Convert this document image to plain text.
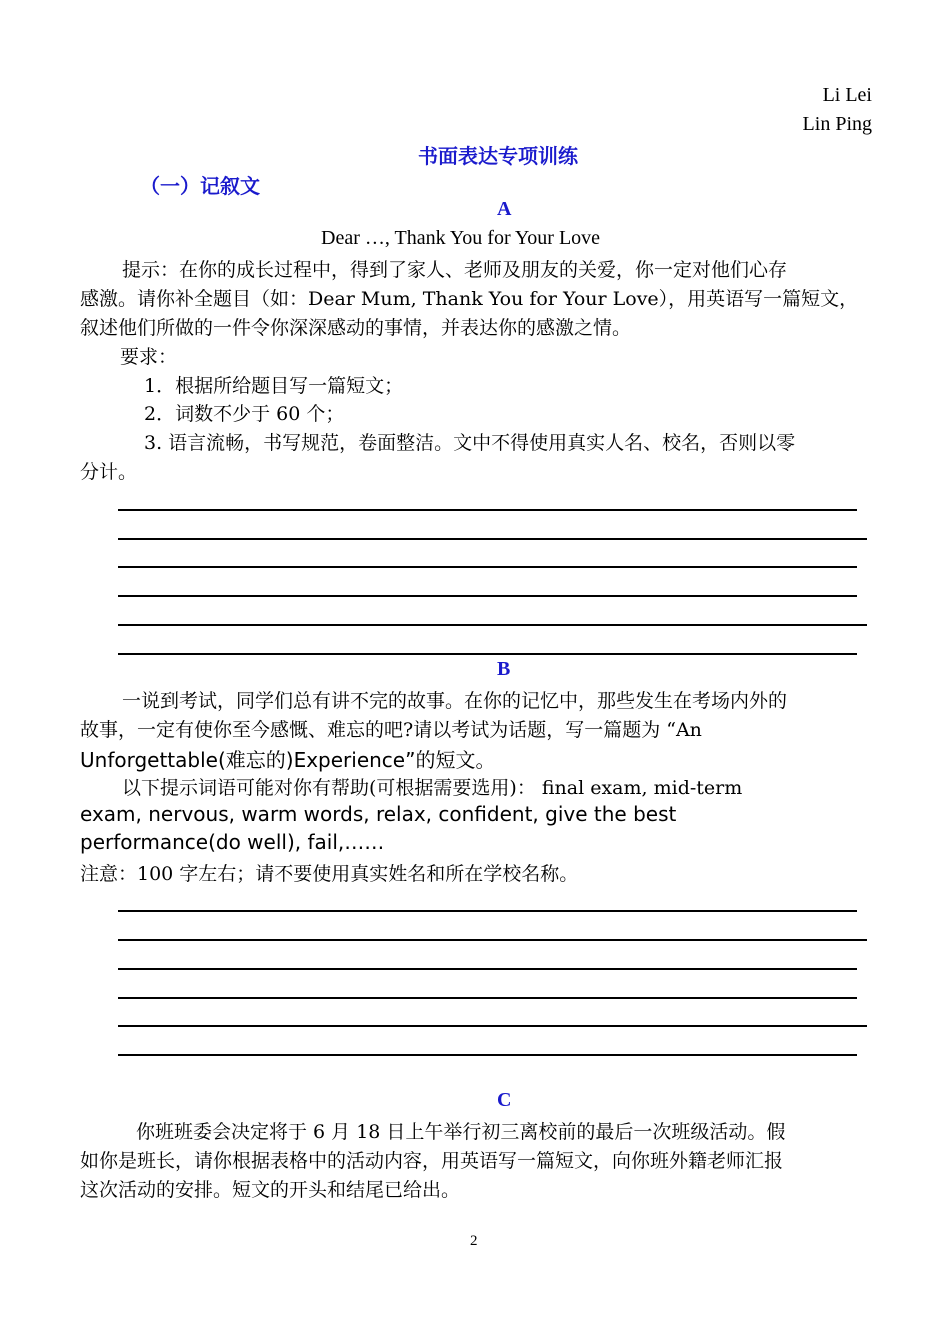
Li Lei
Lin Ping
书面表达专项训练
（一）记叙文
A
Dear …, Thank You for Your Love
提示：在你的成长过程中，得到了家人、老师及朋友的关爱，你一定对他们心存
感激。请你补全题目（如：Dear Mum, Thank You for Your Love），用英语写一篇短文，
叙述他们所做的一件令你深深感动的事情，并表达你的感激之情。
要求：
1．根据所给题目写一篇短文；
2．词数不少于 60 个；
3. 语言流畅，书写规范，卷面整洁。文中不得使用真实人名、校名，否则以零
分计。
B
一说到考试，同学们总有讲不完的故事。在你的记忆中，那些发生在考场内外的
故事，一定有使你至今感慨、难忘的吧?请以考试为话题，写一篇题为 “An
Unforgettable(难忘的)Experience”的短文。
以下提示词语可能对你有帮助(可根据需要选用)： final exam, mid-term
exam, nervous, warm words, relax, confident, give the best
performance(do well), fail,……
注意：100 字左右；请不要使用真实姓名和所在学校名称。
C
你班班委会决定将于 6 月 18 日上午举行初三离校前的最后一次班级活动。假
如你是班长，请你根据表格中的活动内容，用英语写一篇短文，向你班外籍老师汇报
这次活动的安排。短文的开头和结尾已给出。
2
